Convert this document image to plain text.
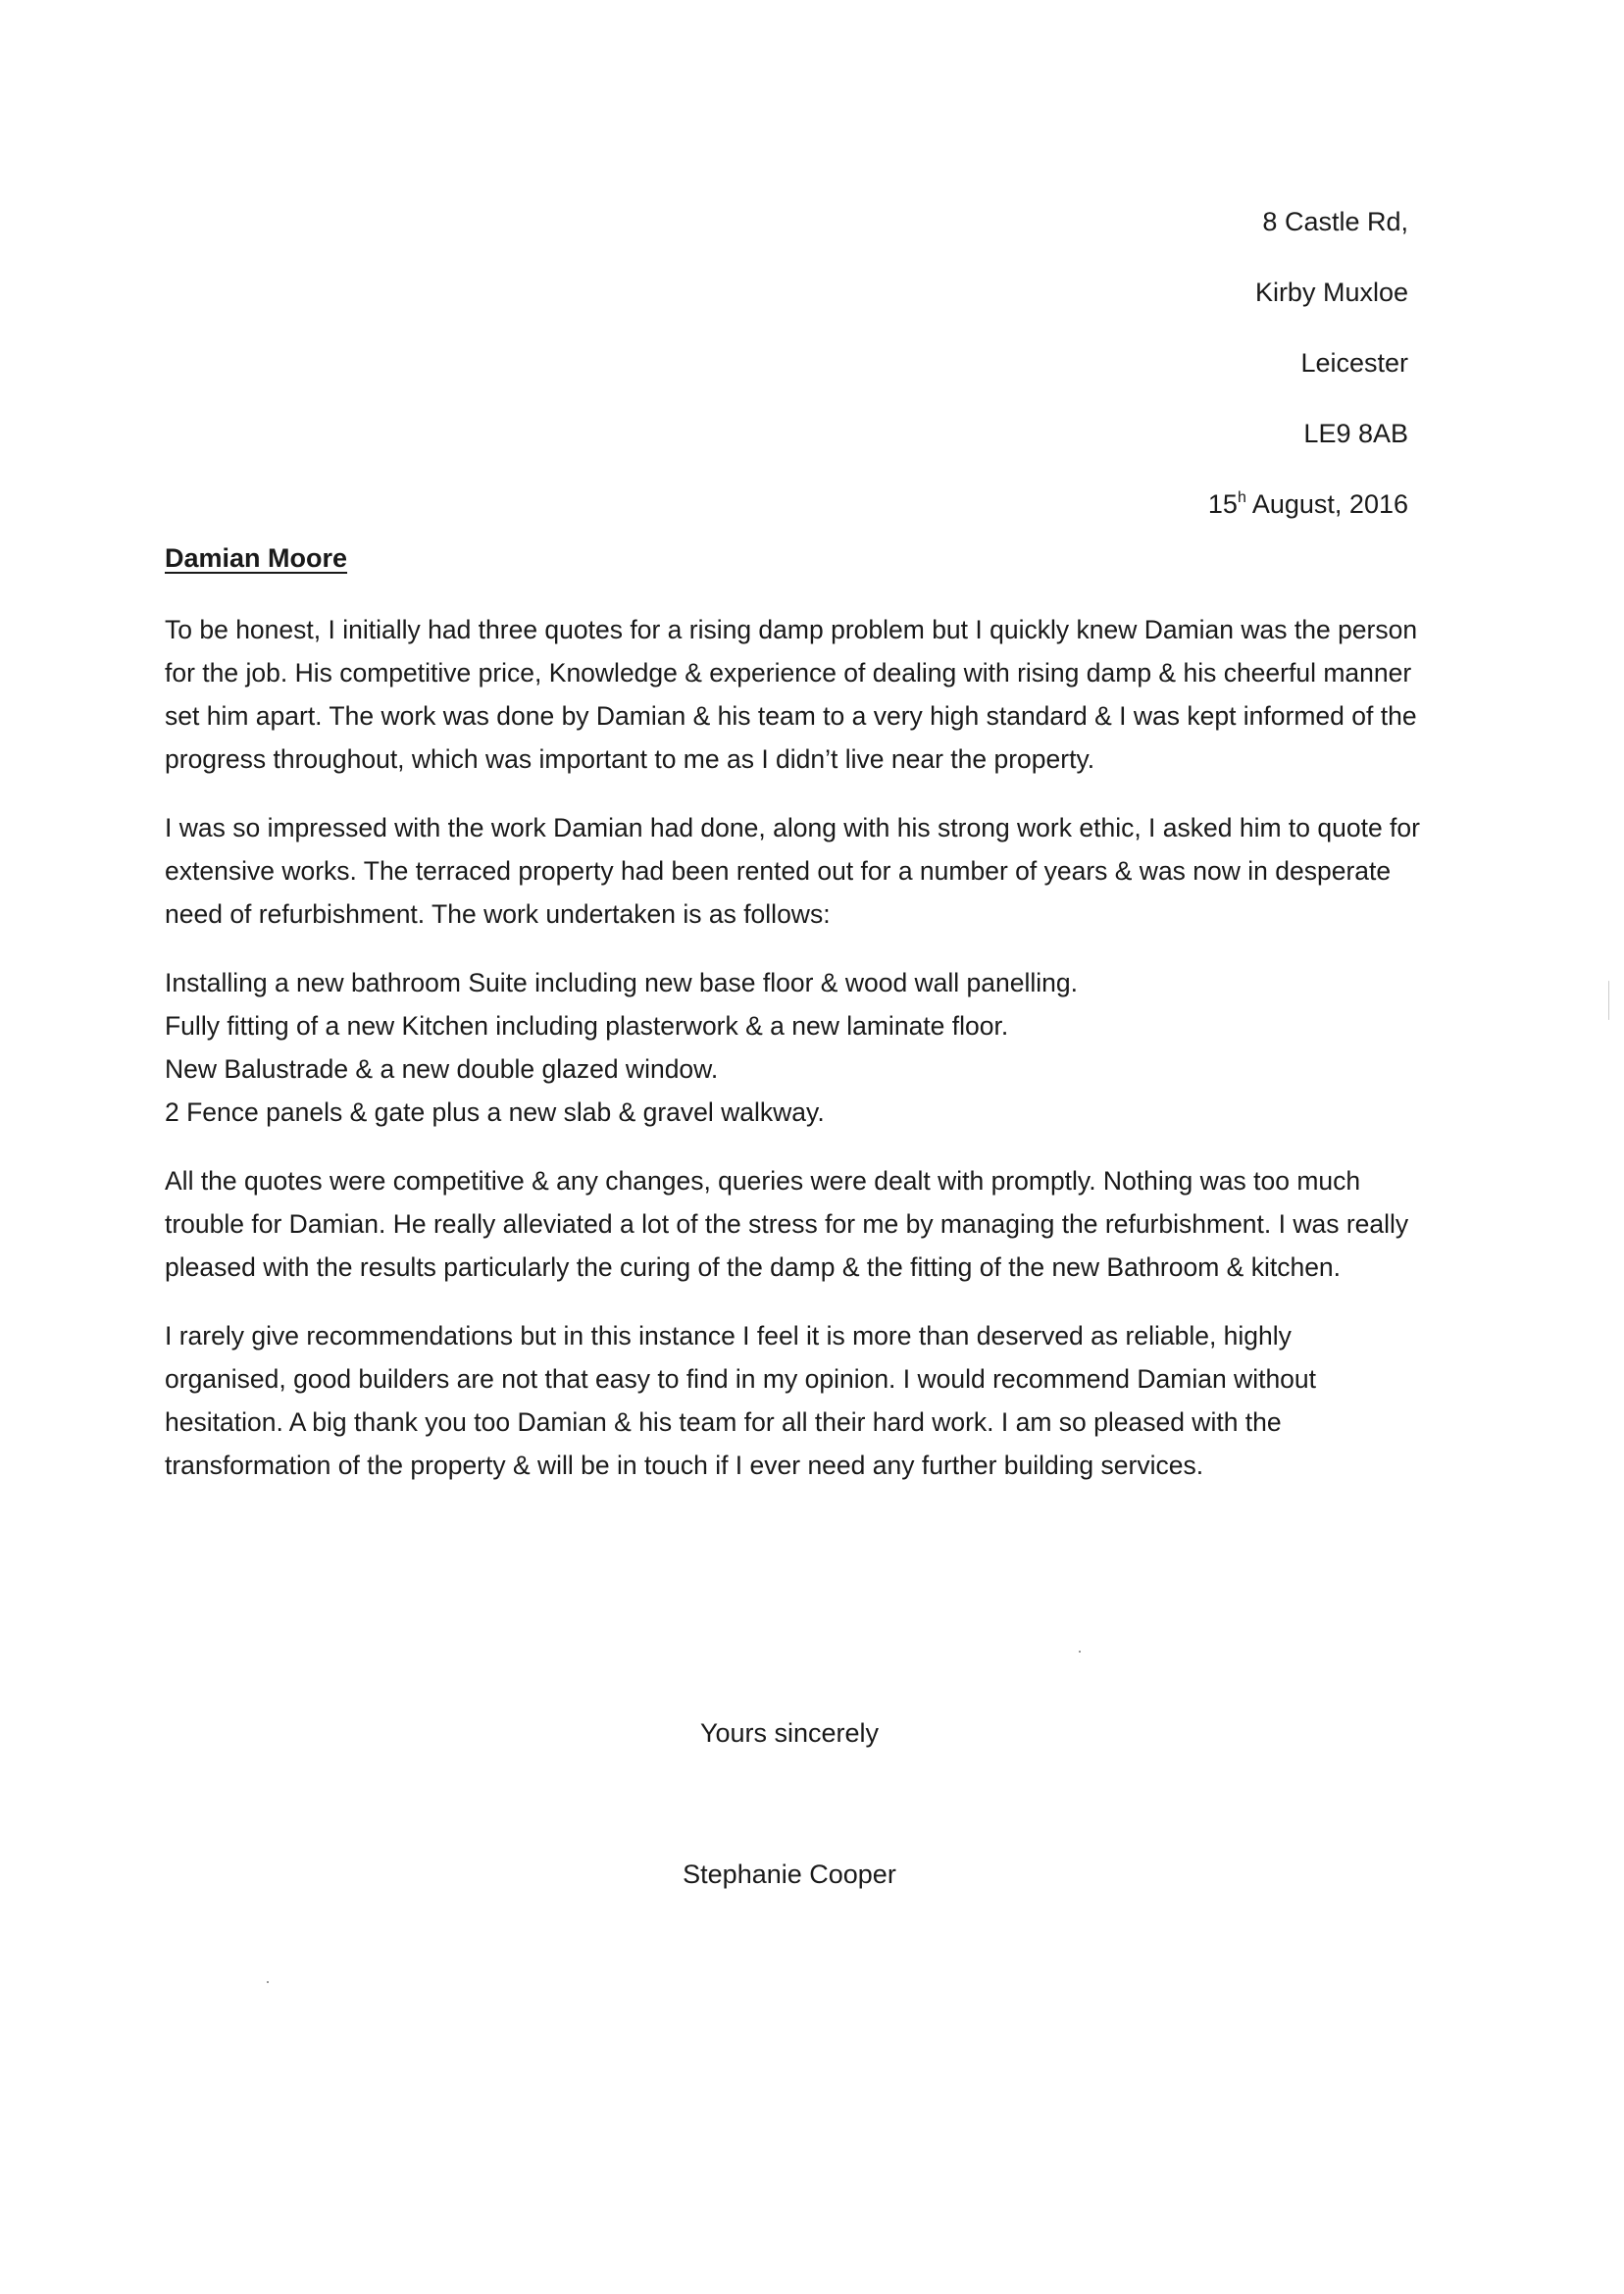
8 Castle Rd,
Kirby Muxloe
Leicester
LE9 8AB
15$^h$ August, 2016
Damian Moore

To be honest, I initially had three quotes for a rising damp problem but I quickly knew Damian was the person for the job. His competitive price, Knowledge & experience of dealing with rising damp & his cheerful manner set him apart. The work was done by Damian & his team to a very high standard & I was kept informed of the progress throughout, which was important to me as I didn’t live near the property.

I was so impressed with the work Damian had done, along with his strong work ethic, I asked him to quote for extensive works. The terraced property had been rented out for a number of years & was now in desperate need of refurbishment. The work undertaken is as follows:

Installing a new bathroom Suite including new base floor & wood wall panelling.
Fully fitting of a new Kitchen including plasterwork & a new laminate floor.
New Balustrade & a new double glazed window.
2 Fence panels & gate plus a new slab & gravel walkway.

All the quotes were competitive & any changes, queries were dealt with promptly. Nothing was too much trouble for Damian. He really alleviated a lot of the stress for me by managing the refurbishment. I was really pleased with the results particularly the curing of the damp & the fitting of the new Bathroom & kitchen.

I rarely give recommendations but in this instance I feel it is more than deserved as reliable, highly organised, good builders are not that easy to find in my opinion. I would recommend Damian without hesitation. A big thank you too Damian & his team for all their hard work. I am so pleased with the transformation of the property & will be in touch if I ever need any further building services.

Yours sincerely
Stephanie Cooper
